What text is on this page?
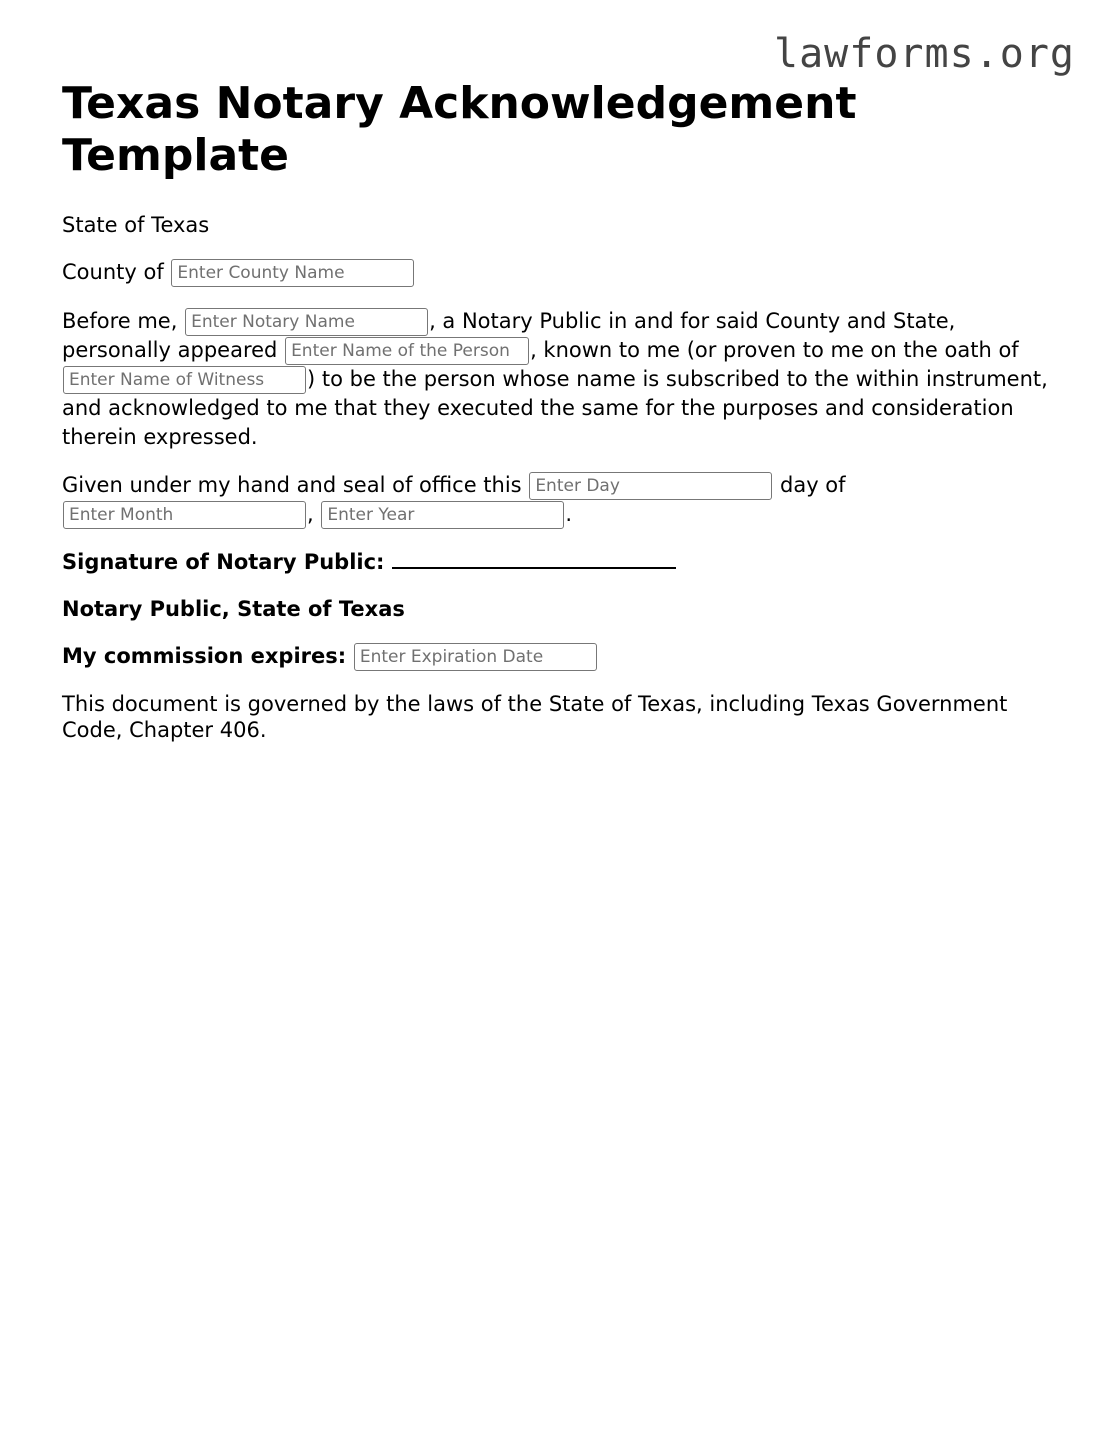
lawforms.org
Texas Notary Acknowledgement Template

State of Texas

County of Enter County Name

Before me, Enter Notary Name	, a Notary Public in and for said County and State, personally appeared Enter Name of the Person	, known to me (or proven to me on the oath of Enter Name of Witness) to be the person whose name is subscribed to the within instrument, and acknowledged to me that they executed the same for the purposes and consideration therein expressed.

Given under my hand and seal of office this Enter Day	day of Enter Month, Enter Year	.

Signature of Notary Public:

Notary Public, State of Texas

My commission expires: Enter Expiration Date

This document is governed by the laws of the State of Texas, including Texas Government Code, Chapter 406.
